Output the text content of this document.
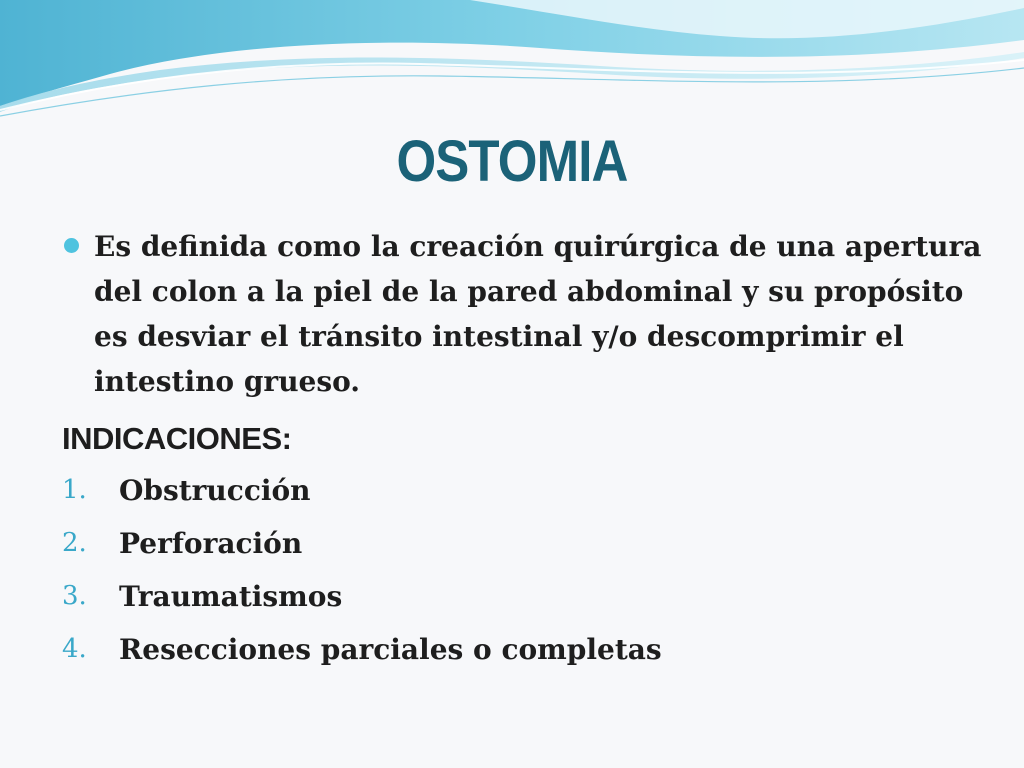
OSTOMIA
Es definida como la creación quirúrgica de una apertura del colon a la piel de la pared abdominal y su propósito es desviar el tránsito intestinal y/o descomprimir el intestino grueso.
INDICACIONES:
1. Obstrucción
2. Perforación
3. Traumatismos
4. Resecciones parciales o completas
